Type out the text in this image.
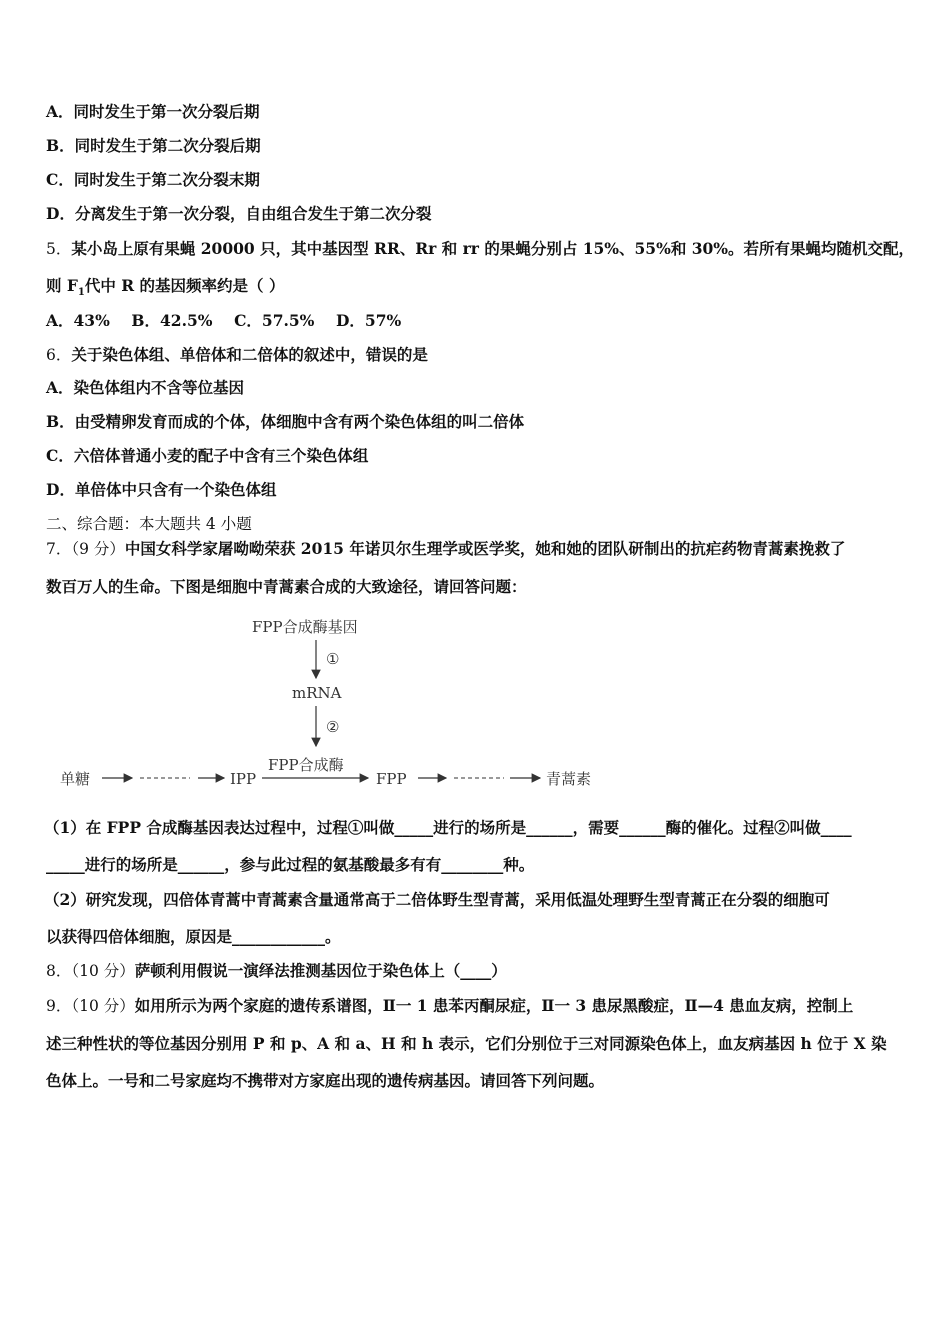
A．同时发生于第一次分裂后期
B．同时发生于第二次分裂后期
C．同时发生于第二次分裂末期
D．分离发生于第一次分裂，自由组合发生于第二次分裂
5．某小岛上原有果蝇 20000 只，其中基因型 RR、Rr 和 rr 的果蝇分别占 15%、55%和 30%。若所有果蝇均随机交配，
则 $F_1$代中 R 的基因频率约是（ ）
A．43%    B．42.5%    C．57.5%    D．57%
6．关于染色体组、单倍体和二倍体的叙述中，错误的是
A．染色体组内不含等位基因
B．由受精卵发育而成的个体，体细胞中含有两个染色体组的叫二倍体
C．六倍体普通小麦的配子中含有三个染色体组
D．单倍体中只含有一个染色体组
二、综合题：本大题共 4 小题
7．（9 分）中国女科学家屠呦呦荣获 2015 年诺贝尔生理学或医学奖，她和她的团队研制出的抗疟药物青蒿素挽救了
数百万人的生命。下图是细胞中青蒿素合成的大致途径，请回答问题：
FPP合成酶基因
①
mRNA
②
FPP合成酶
单糖	IPP	FPP	青蒿素
（1）在 FPP 合成酶基因表达过程中，过程①叫做_____进行的场所是______，需要______酶的催化。过程②叫做____
_____进行的场所是______，参与此过程的氨基酸最多有有________种。
（2）研究发现，四倍体青蒿中青蒿素含量通常高于二倍体野生型青蒿，采用低温处理野生型青蒿正在分裂的细胞可
以获得四倍体细胞，原因是____________。
8．（10 分）萨顿利用假说一演绎法推测基因位于染色体上（____）
9．（10 分）如用所示为两个家庭的遗传系谱图，Ⅱ一 1 患苯丙酮尿症，Ⅱ一 3 患尿黑酸症，Ⅱ—4 患血友病，控制上
述三种性状的等位基因分别用 P 和 p、A 和 a、H 和 h 表示，它们分别位于三对同源染色体上，血友病基因 h 位于 X 染
色体上。一号和二号家庭均不携带对方家庭出现的遗传病基因。请回答下列问题。
